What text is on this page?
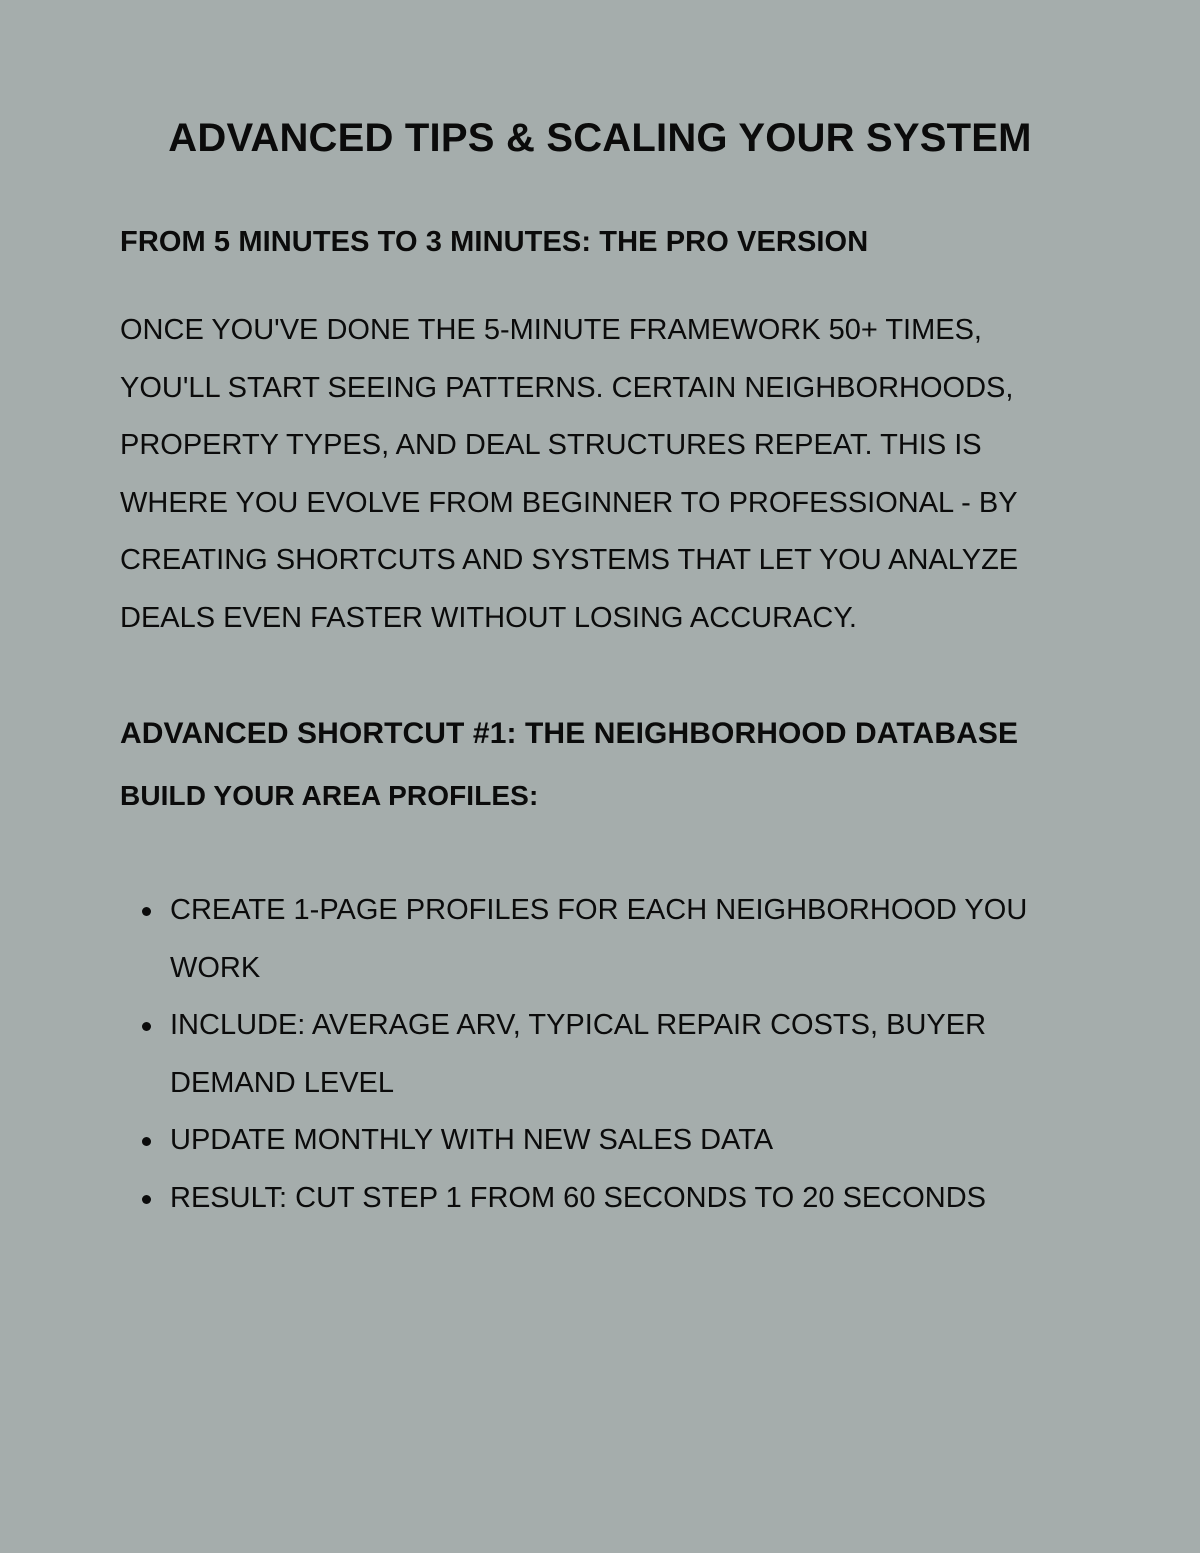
ADVANCED TIPS & SCALING YOUR SYSTEM
FROM 5 MINUTES TO 3 MINUTES: THE PRO VERSION

ONCE YOU'VE DONE THE 5-MINUTE FRAMEWORK 50+ TIMES, YOU'LL START SEEING PATTERNS. CERTAIN NEIGHBORHOODS, PROPERTY TYPES, AND DEAL STRUCTURES REPEAT. THIS IS WHERE YOU EVOLVE FROM BEGINNER TO PROFESSIONAL - BY CREATING SHORTCUTS AND SYSTEMS THAT LET YOU ANALYZE DEALS EVEN FASTER WITHOUT LOSING ACCURACY.

ADVANCED SHORTCUT #1: THE NEIGHBORHOOD DATABASE
BUILD YOUR AREA PROFILES:
CREATE 1-PAGE PROFILES FOR EACH NEIGHBORHOOD YOU WORK
INCLUDE: AVERAGE ARV, TYPICAL REPAIR COSTS, BUYER DEMAND LEVEL
UPDATE MONTHLY WITH NEW SALES DATA
RESULT: CUT STEP 1 FROM 60 SECONDS TO 20 SECONDS
